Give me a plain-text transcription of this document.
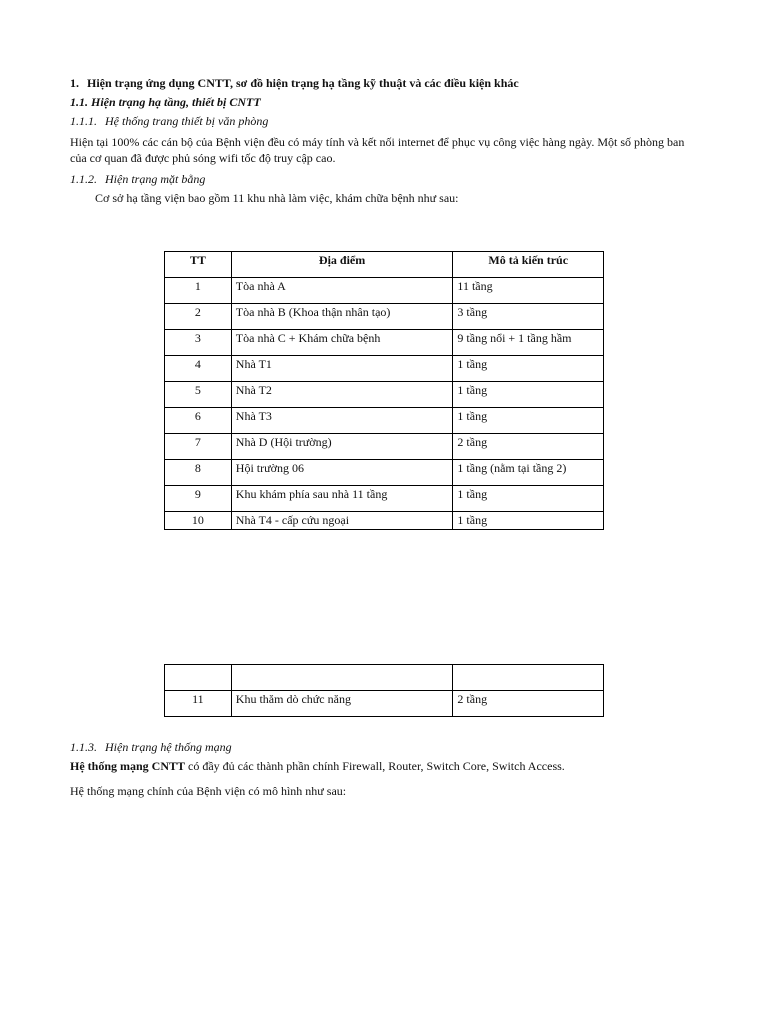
1. Hiện trạng ứng dụng CNTT, sơ đồ hiện trạng hạ tầng kỹ thuật và các điều kiện khác
1.1. Hiện trạng hạ tầng, thiết bị CNTT
1.1.1. Hệ thống trang thiết bị văn phòng
Hiện tại 100% các cán bộ của Bệnh viện đều có máy tính và kết nối internet để phục vụ công việc hàng ngày. Một số phòng ban của cơ quan đã được phủ sóng wifi tốc độ truy cập cao.
1.1.2. Hiện trạng mặt bằng
Cơ sở hạ tầng viện bao gồm 11 khu nhà làm việc, khám chữa bệnh như sau:
TT	Địa điểm	Mô tả kiến trúc
1	Tòa nhà A	11 tầng
2	Tòa nhà B (Khoa thận nhân tạo)	3 tầng
3	Tòa nhà C + Khám chữa bệnh	9 tầng nổi + 1 tầng hầm
4	Nhà T1	1 tầng
5	Nhà T2	1 tầng
6	Nhà T3	1 tầng
7	Nhà D (Hội trường)	2 tầng
8	Hội trường 06	1 tầng (nằm tại tầng 2)
9	Khu khám phía sau nhà 11 tầng	1 tầng
10	Nhà T4 - cấp cứu ngoại	1 tầng

11	Khu thăm dò chức năng	2 tầng
1.1.3. Hiện trạng hệ thống mạng
Hệ thống mạng CNTT có đầy đủ các thành phần chính Firewall, Router, Switch Core, Switch Access.
Hệ thống mạng chính của Bệnh viện có mô hình như sau:
